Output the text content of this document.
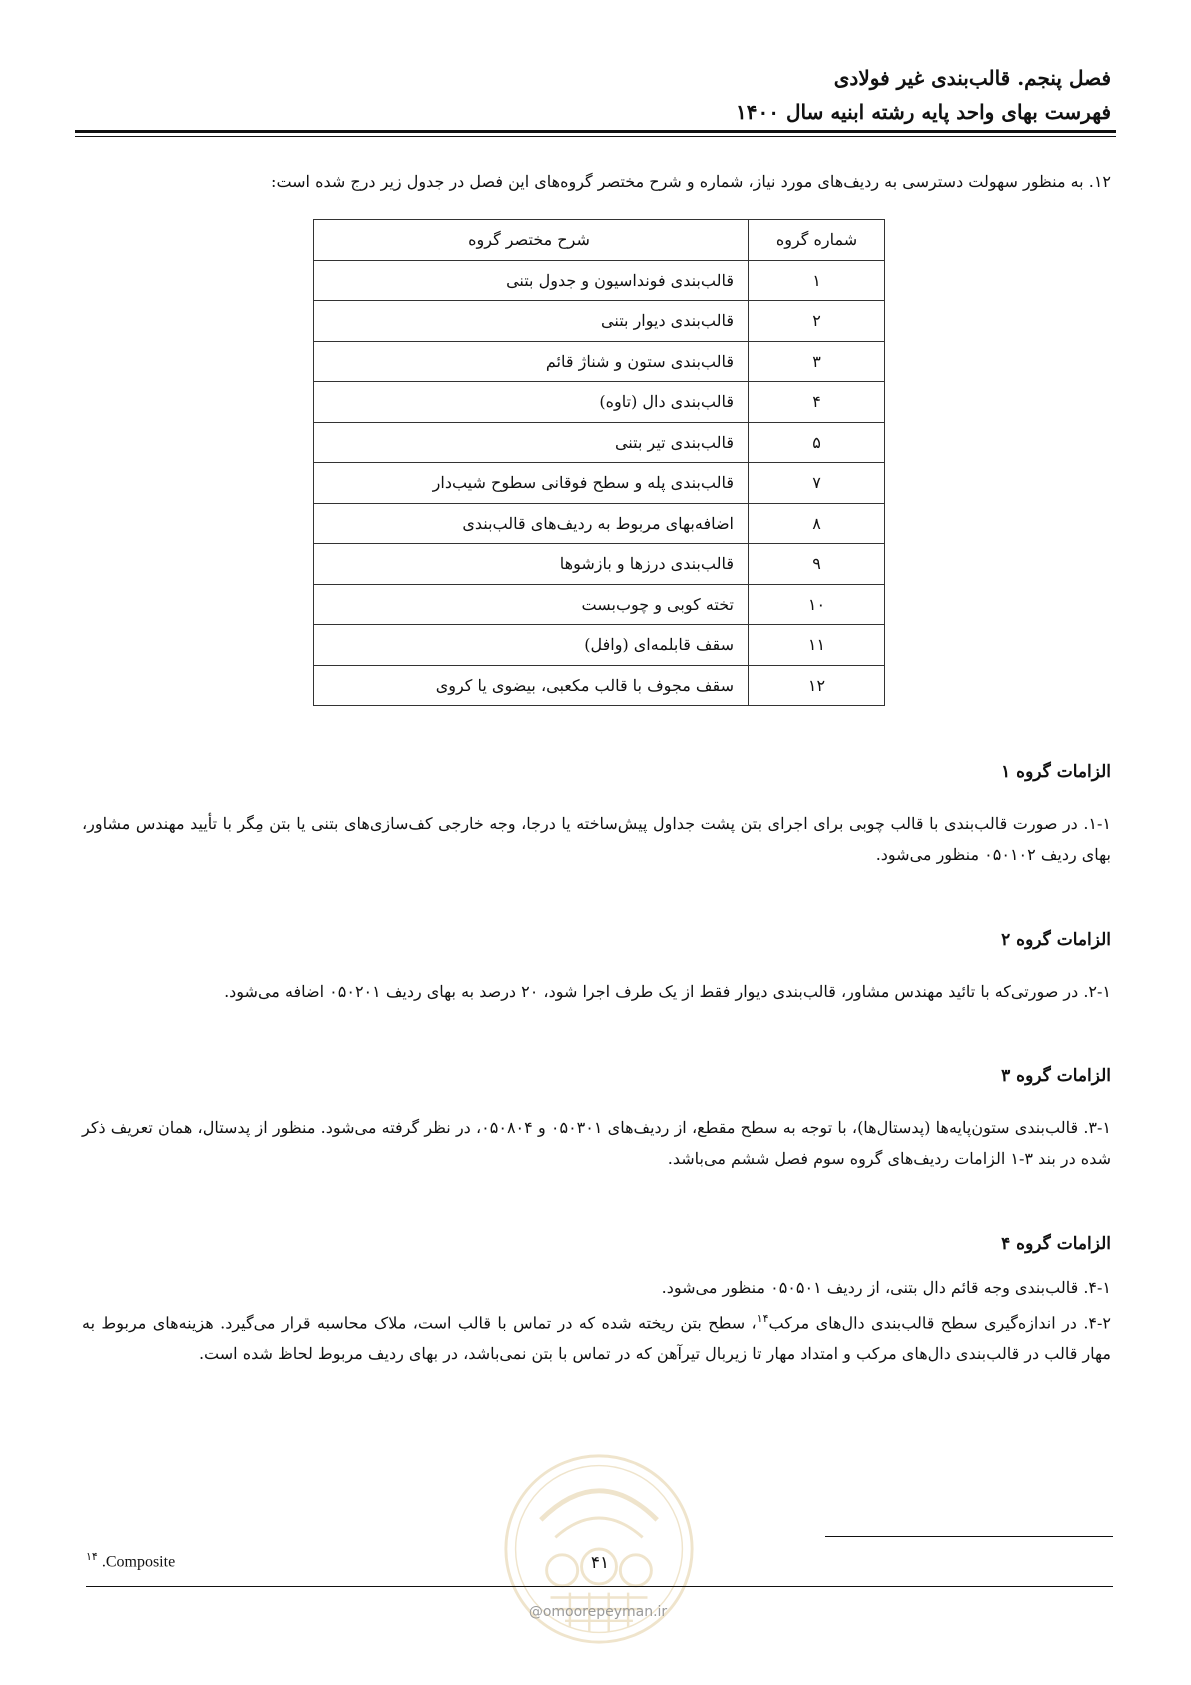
فصل پنجم. قالب‌بندی غیر فولادی
فهرست بهای واحد پایه رشته ابنیه سال ۱۴۰۰
۱۲. به منظور سهولت دسترسی به ردیف‌های مورد نیاز، شماره و شرح مختصر گروه‌های این فصل در جدول زیر درج شده است:
شماره گروه	شرح مختصر گروه
۱	قالب‌بندی فونداسیون و جدول بتنی
۲	قالب‌بندی دیوار بتنی
۳	قالب‌بندی ستون و شناژ قائم
۴	قالب‌بندی دال (تاوه)
۵	قالب‌بندی تیر بتنی
۷	قالب‌بندی پله و سطح فوقانی سطوح شیب‌دار
۸	اضافه‌بهای مربوط به ردیف‌های قالب‌بندی
۹	قالب‌بندی درزها و بازشوها
۱۰	تخته کوبی و چوب‌بست
۱۱	سقف قابلمه‌ای (وافل)
۱۲	سقف مجوف با قالب مکعبی، بیضوی یا کروی
الزامات گروه ۱
۱-۱. در صورت قالب‌بندی با قالب چوبی برای اجرای بتن پشت جداول پیش‌ساخته یا درجا، وجه خارجی کف‌سازی‌های بتنی یا بتن مِگر با تأیید مهندس مشاور، بهای ردیف ۰۵۰۱۰۲ منظور می‌شود.
الزامات گروه ۲
۲-۱. در صورتی‌که با تائید مهندس مشاور، قالب‌بندی دیوار فقط از یک طرف اجرا شود، ۲۰ درصد به بهای ردیف ۰۵۰۲۰۱ اضافه می‌شود.
الزامات گروه ۳
۳-۱. قالب‌بندی ستون‌پایه‌ها (پدستال‌ها)، با توجه به سطح مقطع، از ردیف‌های ۰۵۰۳۰۱ و ۰۵۰۸۰۴، در نظر گرفته می‌شود. منظور از پدستال، همان تعریف ذکر شده در بند ۳-۱ الزامات ردیف‌های گروه سوم فصل ششم می‌باشد.
الزامات گروه ۴
۴-۱. قالب‌بندی وجه قائم دال بتنی، از ردیف ۰۵۰۵۰۱ منظور می‌شود.
۴-۲. در اندازه‌گیری سطح قالب‌بندی دال‌های مرکب$^{۱۴}$، سطح بتن ریخته شده که در تماس با قالب است، ملاک محاسبه قرار می‌گیرد. هزینه‌های مربوط به مهار قالب در قالب‌بندی دال‌های مرکب و امتداد مهار تا زیربال تیرآهن که در تماس با بتن نمی‌باشد، در بهای ردیف مربوط لحاظ شده است.
$^{۱۴}$ .Composite	۴۱
@omoorepeyman.ir
